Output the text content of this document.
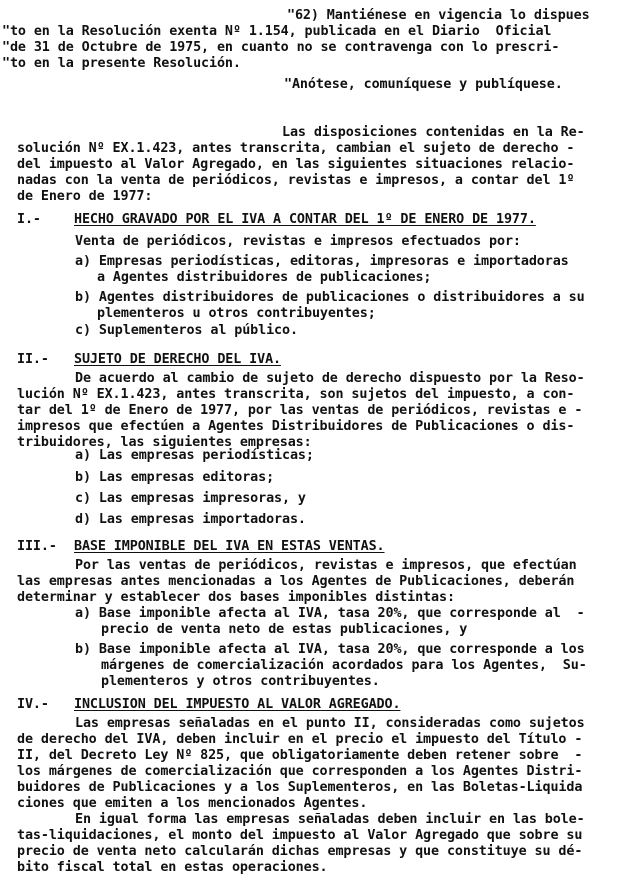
"62) Mantiénese en vigencia lo dispues
"to en la Resolución exenta Nº 1.154, publicada en el Diario  Oficial
"de 31 de Octubre de 1975, en cuanto no se contravenga con lo prescri-
"to en la presente Resolución.
"Anótese, comuníquese y publíquese.
Las disposiciones contenidas en la Re-
solución Nº EX.1.423, antes transcrita, cambian el sujeto de derecho -
del impuesto al Valor Agregado, en las siguientes situaciones relacio-
nadas con la venta de periódicos, revistas e impresos, a contar del 1º
de Enero de 1977:
I.- HECHO GRAVADO POR EL IVA A CONTAR DEL 1º DE ENERO DE 1977.
Venta de periódicos, revistas e impresos efectuados por:
a) Empresas periodísticas, editoras, impresoras e importadoras
a Agentes distribuidores de publicaciones;
b) Agentes distribuidores de publicaciones o distribuidores a su
plementeros u otros contribuyentes;
c) Suplementeros al público.
II.- SUJETO DE DERECHO DEL IVA.
De acuerdo al cambio de sujeto de derecho dispuesto por la Reso-
lución Nº EX.1.423, antes transcrita, son sujetos del impuesto, a con-
tar del 1º de Enero de 1977, por las ventas de periódicos, revistas e -
impresos que efectúen a Agentes Distribuidores de Publicaciones o dis-
tribuidores, las siguientes empresas:
a) Las empresas periodísticas;
b) Las empresas editoras;
c) Las empresas impresoras, y
d) Las empresas importadoras.
III.- BASE IMPONIBLE DEL IVA EN ESTAS VENTAS.
Por las ventas de periódicos, revistas e impresos, que efectúan
las empresas antes mencionadas a los Agentes de Publicaciones, deberán
determinar y establecer dos bases imponibles distintas:
a) Base imponible afecta al IVA, tasa 20%, que corresponde al  -
precio de venta neto de estas publicaciones, y
b) Base imponible afecta al IVA, tasa 20%, que corresponde a los
márgenes de comercialización acordados para los Agentes,  Su-
plementeros y otros contribuyentes.
IV.- INCLUSION DEL IMPUESTO AL VALOR AGREGADO.
Las empresas señaladas en el punto II, consideradas como sujetos
de derecho del IVA, deben incluir en el precio el impuesto del Título -
II, del Decreto Ley Nº 825, que obligatoriamente deben retener sobre  -
los márgenes de comercialización que corresponden a los Agentes Distri-
buidores de Publicaciones y a los Suplementeros, en las Boletas-Liquida
ciones que emiten a los mencionados Agentes.
En igual forma las empresas señaladas deben incluir en las bole-
tas-liquidaciones, el monto del impuesto al Valor Agregado que sobre su
precio de venta neto calcularán dichas empresas y que constituye su dé-
bito fiscal total en estas operaciones.
